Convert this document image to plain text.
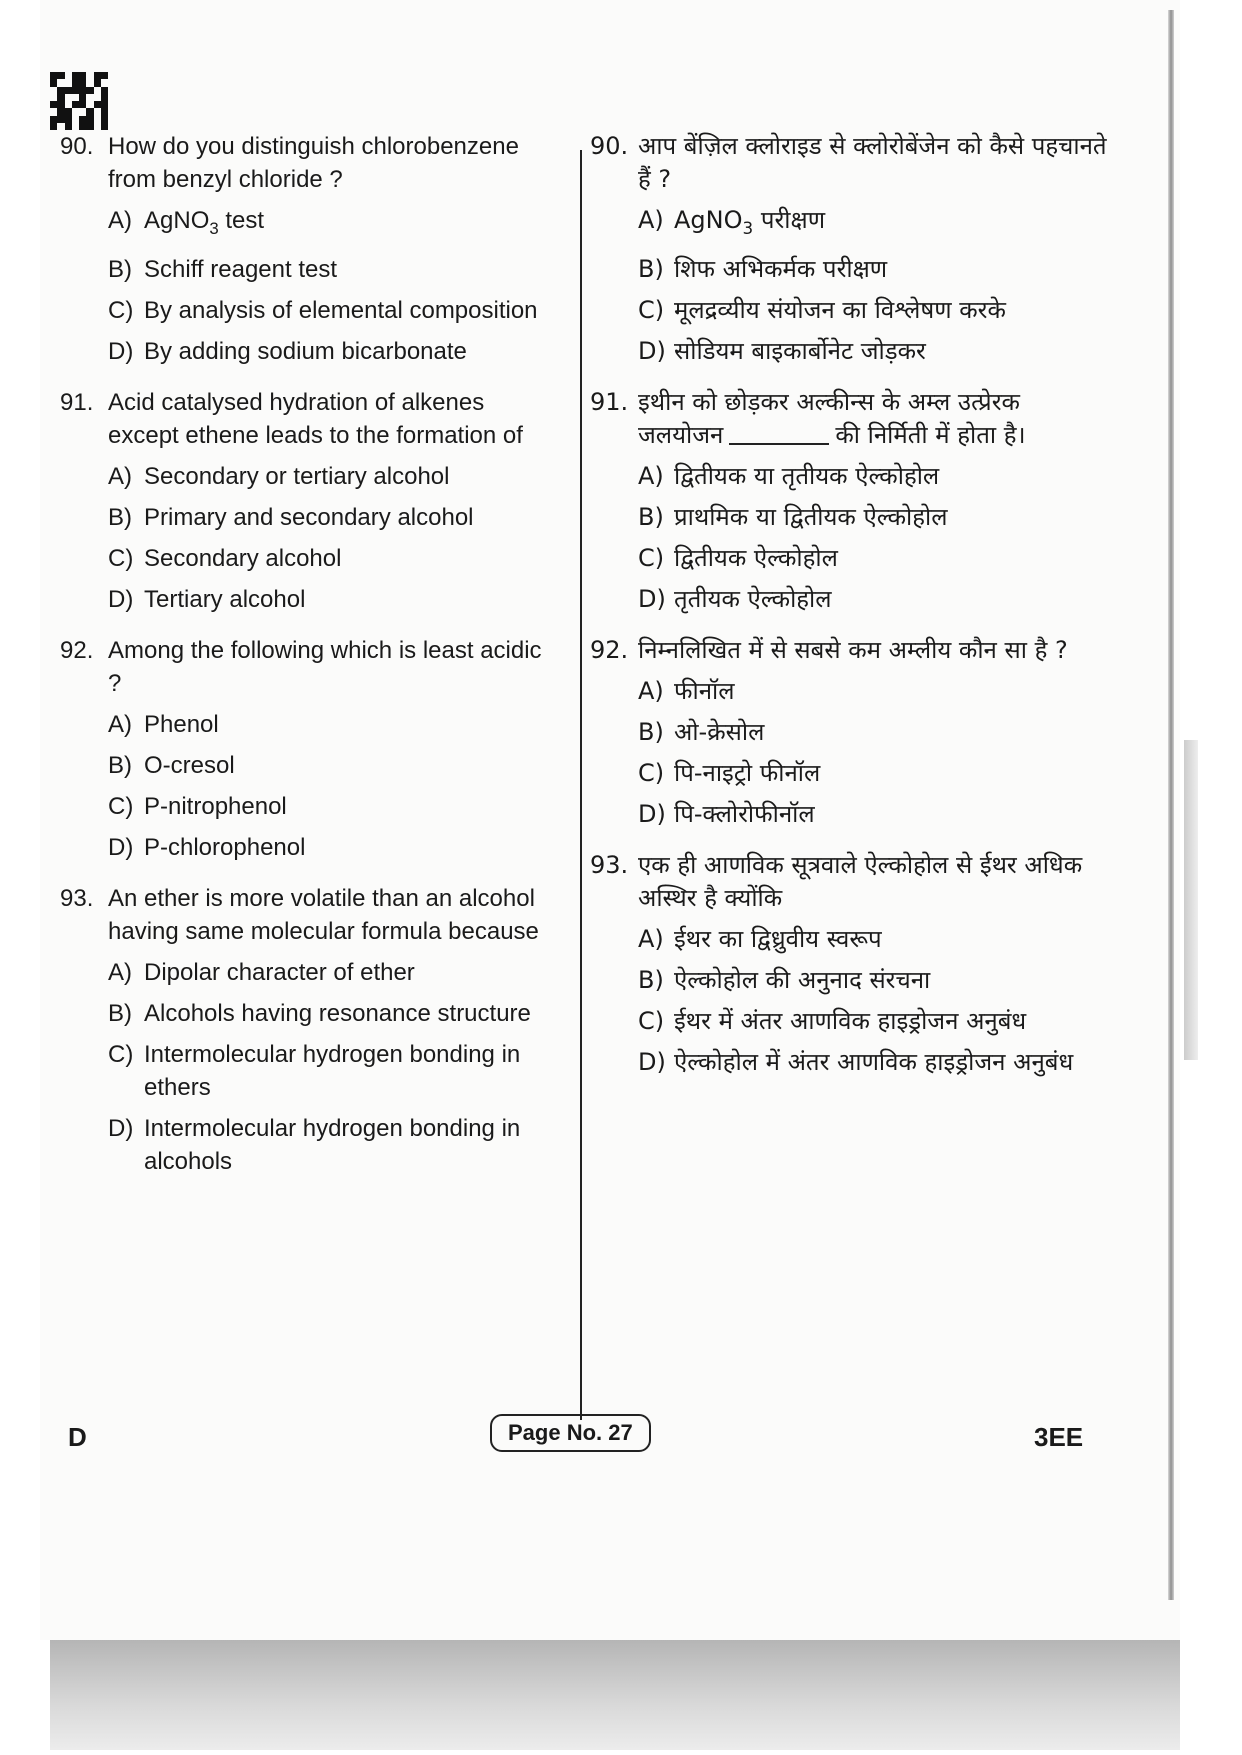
90. How do you distinguish chlorobenzene from benzyl chloride ?
A) AgNO$_3$ test
B) Schiff reagent test
C) By analysis of elemental composition
D) By adding sodium bicarbonate
91. Acid catalysed hydration of alkenes except ethene leads to the formation of
A) Secondary or tertiary alcohol
B) Primary and secondary alcohol
C) Secondary alcohol
D) Tertiary alcohol
92. Among the following which is least acidic ?
A) Phenol
B) O-cresol
C) P-nitrophenol
D) P-chlorophenol
93. An ether is more volatile than an alcohol having same molecular formula because
A) Dipolar character of ether
B) Alcohols having resonance structure
C) Intermolecular hydrogen bonding in ethers
D) Intermolecular hydrogen bonding in alcohols
90. आप बेंज़िल क्लोराइड से क्लोरोबेंजेन को कैसे पहचानते हैं ?
A) AgNO$_3$ परीक्षण
B) शिफ अभिकर्मक परीक्षण
C) मूलद्रव्यीय संयोजन का विश्लेषण करके
D) सोडियम बाइकार्बोनेट जोड़कर
91. इथीन को छोड़कर अल्कीन्स के अम्ल उत्प्रेरक जलयोजन	की निर्मिती में होता है।
A) द्वितीयक या तृतीयक ऐल्कोहोल
B) प्राथमिक या द्वितीयक ऐल्कोहोल
C) द्वितीयक ऐल्कोहोल
D) तृतीयक ऐल्कोहोल
92. निम्नलिखित में से सबसे कम अम्लीय कौन सा है ?
A) फीनॉल
B) ओ-क्रेसोल
C) पि-नाइट्रो फीनॉल
D) पि-क्लोरोफीनॉल
93. एक ही आणविक सूत्रवाले ऐल्कोहोल से ईथर अधिक अस्थिर है क्योंकि
A) ईथर का द्विध्रुवीय स्वरूप
B) ऐल्कोहोल की अनुनाद संरचना
C) ईथर में अंतर आणविक हाइड्रोजन अनुबंध
D) ऐल्कोहोल में अंतर आणविक हाइड्रोजन अनुबंध
D	Page No. 27	3EE
